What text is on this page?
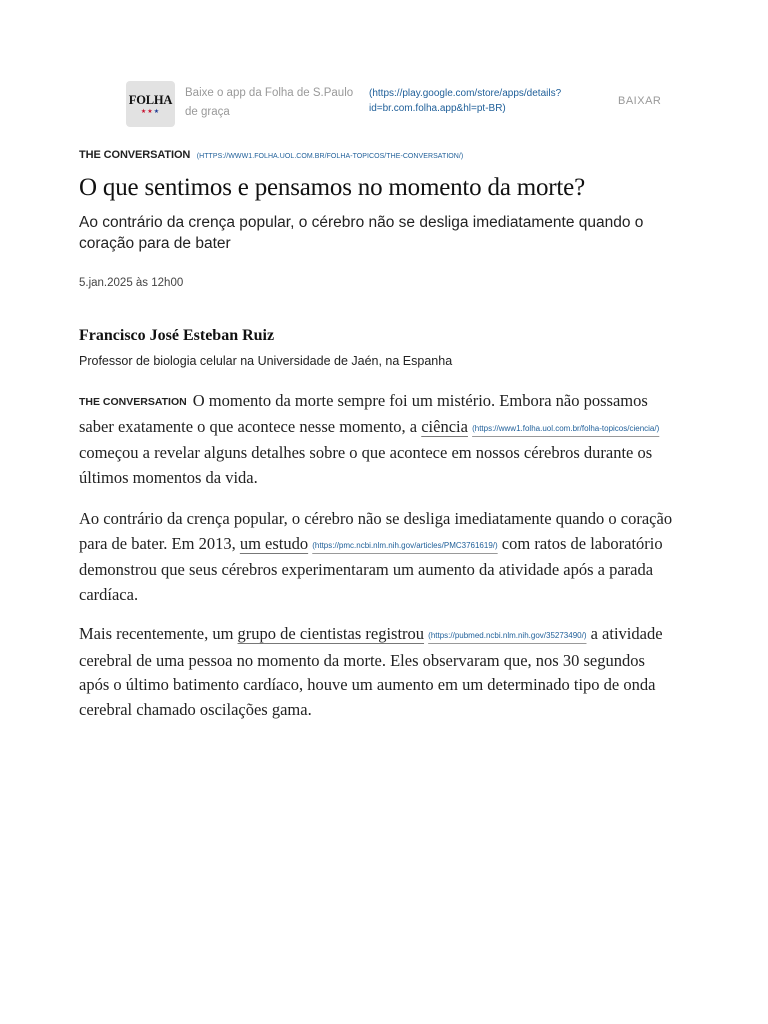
FOLHA
★★★
Baixe o app da Folha de S.Paulo
de graça
(https://play.google.com/store/apps/details?
id=br.com.folha.app&hl=pt-BR)
BAIXAR
THE CONVERSATION (HTTPS://WWW1.FOLHA.UOL.COM.BR/FOLHA-TOPICOS/THE-CONVERSATION/)
O que sentimos e pensamos no momento da morte?

Ao contrário da crença popular, o cérebro não se desliga imediatamente quando o coração para de bater

5.jan.2025 às 12h00
Francisco José Esteban Ruiz
Professor de biologia celular na Universidade de Jaén, na Espanha

THE CONVERSATION O momento da morte sempre foi um mistério. Embora não possamos saber exatamente o que acontece nesse momento, a ciência (https://www1.folha.uol.com.br/folha-topicos/ciencia/) começou a revelar alguns detalhes sobre o que acontece em nossos cérebros durante os últimos momentos da vida.

Ao contrário da crença popular, o cérebro não se desliga imediatamente quando o coração para de bater. Em 2013, um estudo (https://pmc.ncbi.nlm.nih.gov/articles/PMC3761619/) com ratos de laboratório demonstrou que seus cérebros experimentaram um aumento da atividade após a parada cardíaca.

Mais recentemente, um grupo de cientistas registrou (https://pubmed.ncbi.nlm.nih.gov/35273490/) a atividade cerebral de uma pessoa no momento da morte. Eles observaram que, nos 30 segundos após o último batimento cardíaco, houve um aumento em um determinado tipo de onda cerebral chamado oscilações gama.
